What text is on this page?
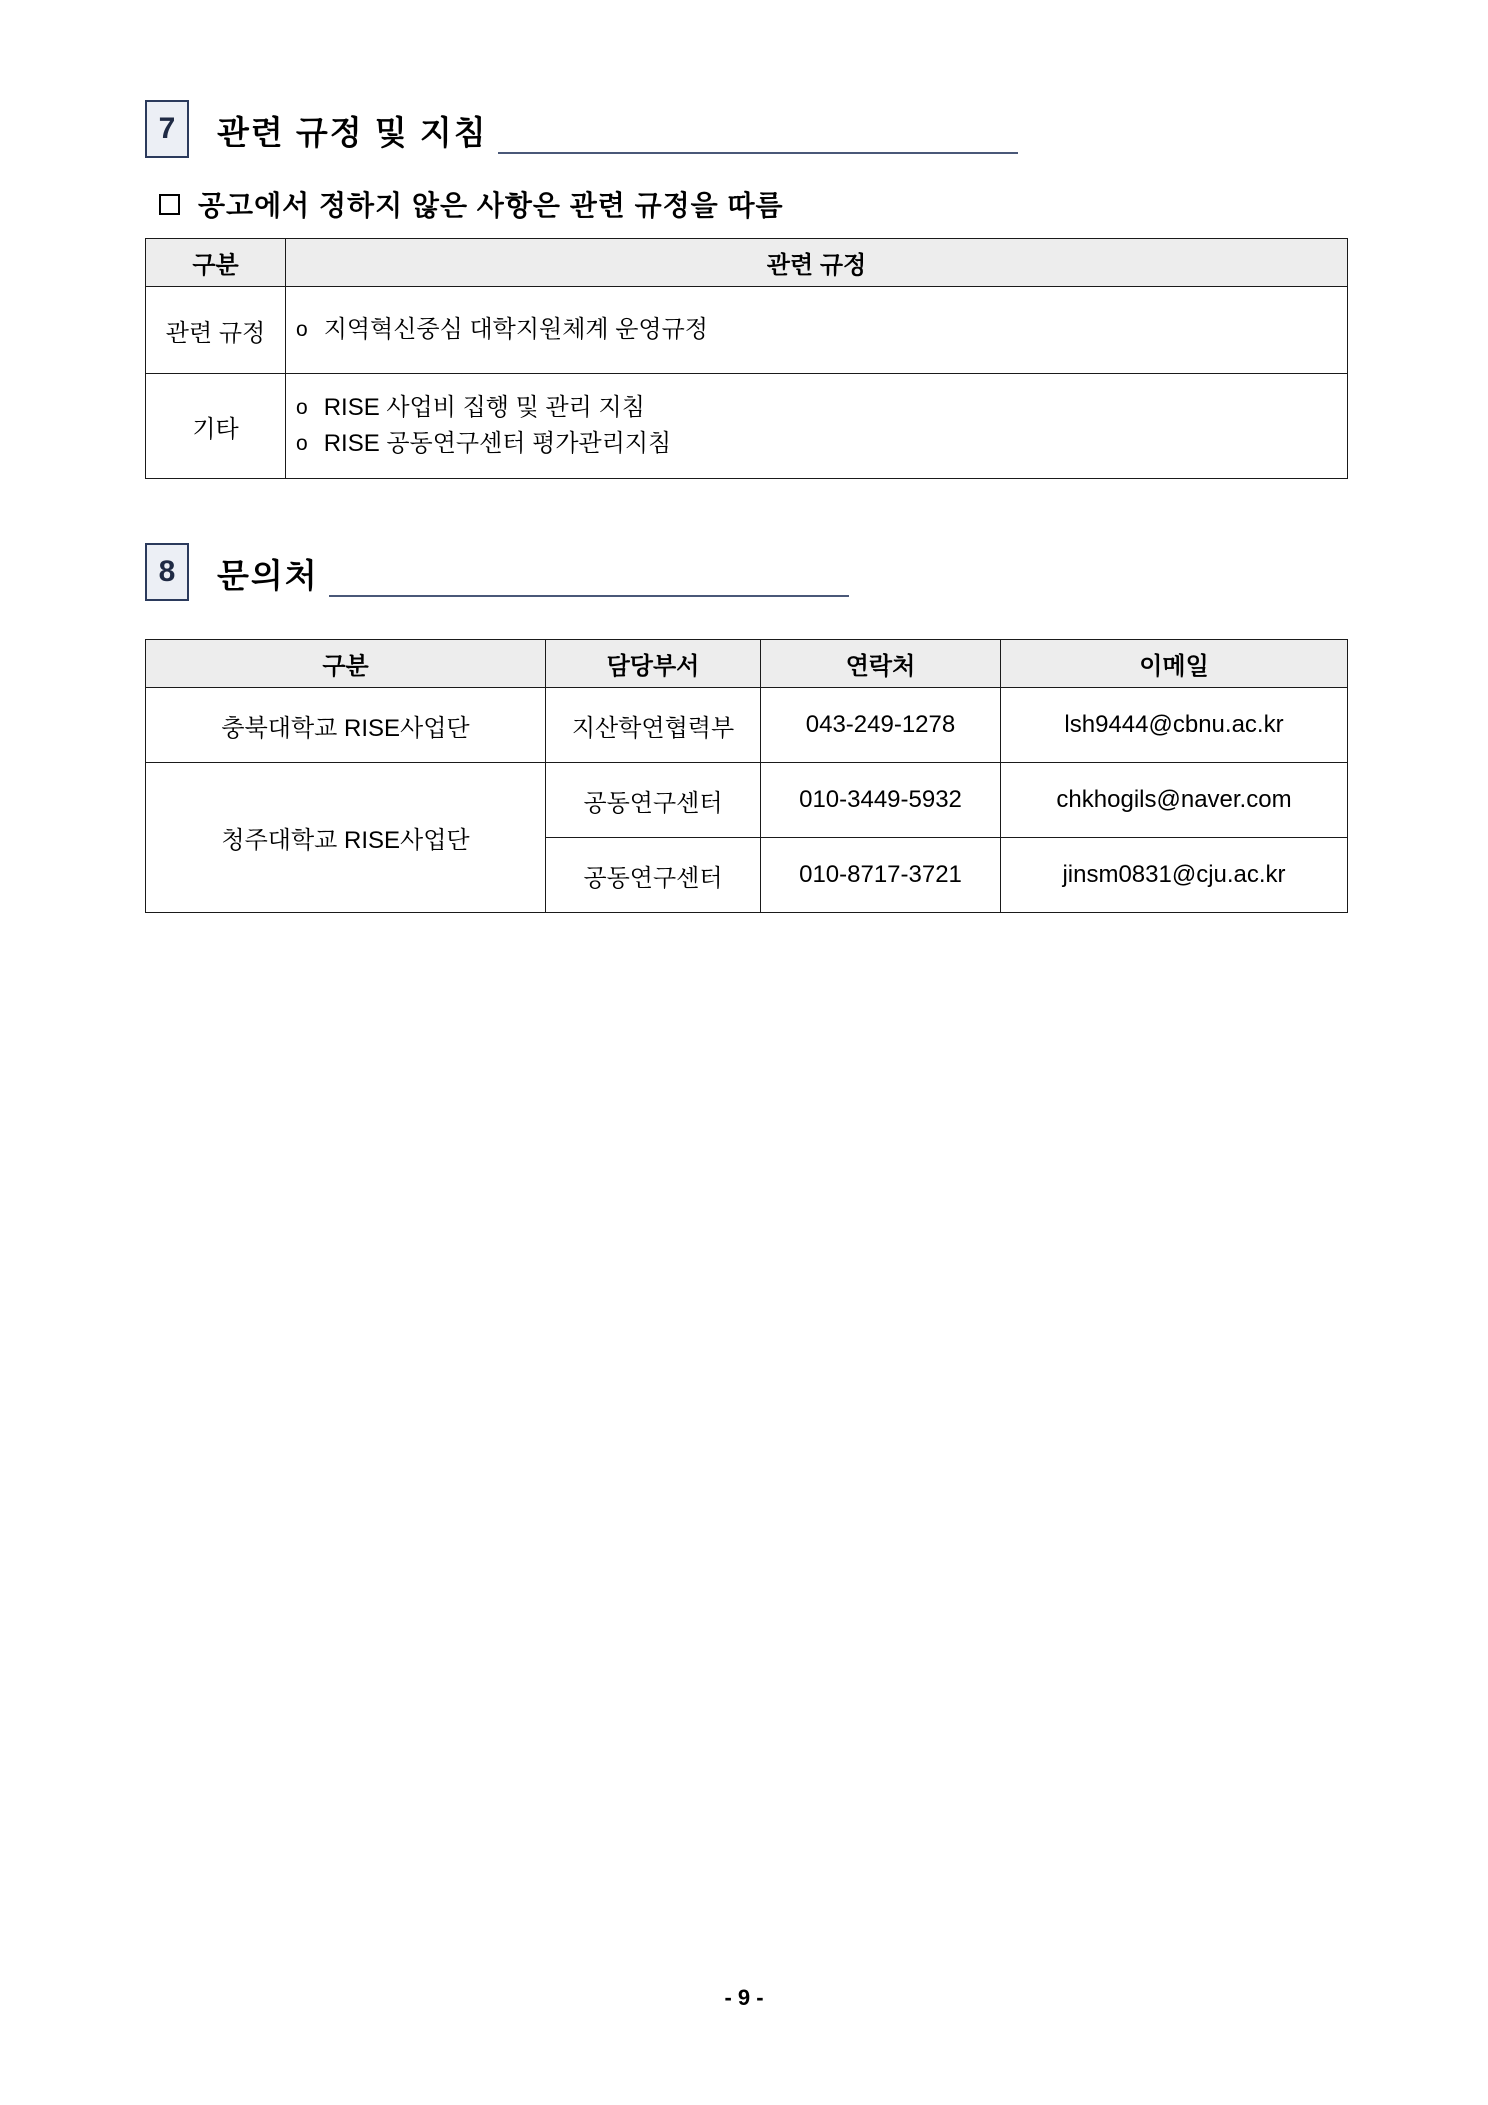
7	관련 규정 및 지침
공고에서 정하지 않은 사항은 관련 규정을 따름
구분	관련 규정
관련 규정	o 지역혁신중심 대학지원체계 운영규정

기타	o RISE 사업비 집행 및 관리 지침
o RISE 공동연구센터 평가관리지침
8	문의처
구분	담당부서	연락처	이메일
충북대학교 RISE사업단	지산학연협력부	043-249-1278	lsh9444@cbnu.ac.kr
청주대학교 RISE사업단	공동연구센터	010-3449-5932	chkhogils@naver.com
	공동연구센터	010-8717-3721	jinsm0831@cju.ac.kr
- 9 -
